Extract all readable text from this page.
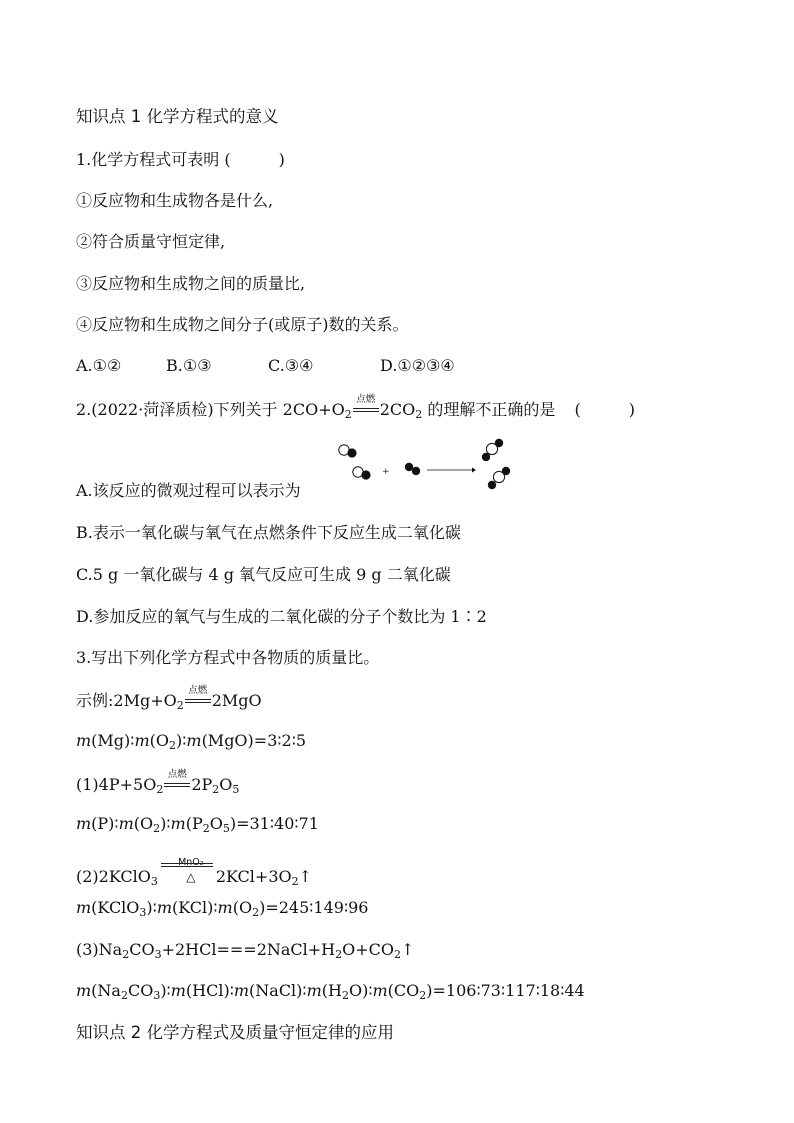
知识点 1 化学方程式的意义
1.化学方程式可表明 (　　　)
①反应物和生成物各是什么,
②符合质量守恒定律,
③反应物和生成物之间的质量比,
④反应物和生成物之间分子(或原子)数的关系。
A.①②	B.①③	C.③④	D.①②③④
2.(2022·菏泽质检)下列关于 $2CO+O_2$
点燃
$2CO_2$ 的理解不正确的是 (　　　)
A.该反应的微观过程可以表示为
+
B.表示一氧化碳与氧气在点燃条件下反应生成二氧化碳
C.5 g 一氧化碳与 4 g 氧气反应可生成 9 g 二氧化碳
D.参加反应的氧气与生成的二氧化碳的分子个数比为 1∶2
3.写出下列化学方程式中各物质的质量比。
示例$:2Mg+O_2$
点燃
2MgO
$m(Mg)∶m(O_2)∶m(MgO)=3∶2∶5$
$(1)4P+5O_2$
点燃
$2P_2O_5$
$m(P)∶m(O_2)∶m(P_2O_5)=31∶40∶71$
(2)2KClO$_3$
MnO₂
△	$2KCl+3O_2↑$
$m(KClO_3)∶m(KCl)∶m(O_2)=245∶149∶96$
$(3)Na_2CO_3+2HCl===2NaCl+H_2O+CO_2↑$
$m(Na_2CO_3)∶m(HCl)∶m(NaCl)∶m(H_2O)∶m(CO_2)=106∶73∶117∶18∶44$
知识点 2 化学方程式及质量守恒定律的应用
